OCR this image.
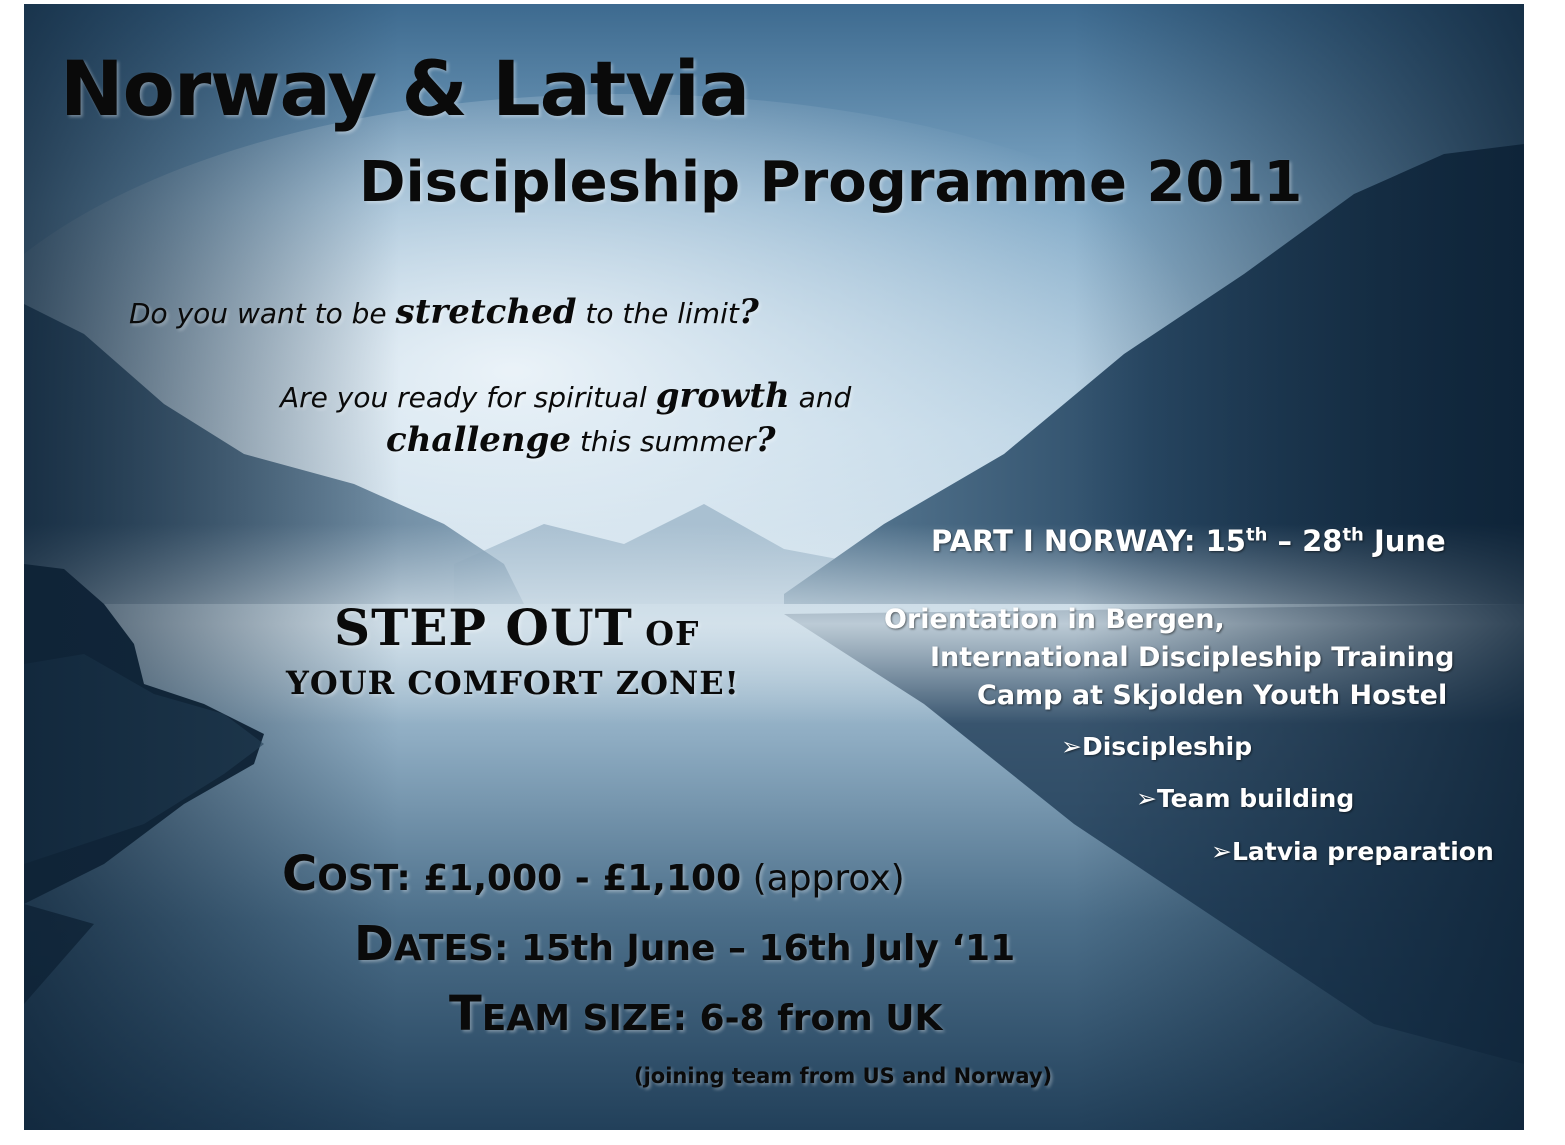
Norway & Latvia
Discipleship Programme 2011
Do you want to be stretched to the limit?
Are you ready for spiritual growth and
challenge this summer?
STEP OUT OF
YOUR COMFORT ZONE!
PART I NORWAY: 15th – 28th June
Orientation in Bergen,
International Discipleship Training
Camp at Skjolden Youth Hostel
➢Discipleship
➢Team building
➢Latvia preparation
COST: £1,000 - £1,100 (approx)
DATES: 15th June – 16th July ‘11
TEAM SIZE: 6-8 from UK
(joining team from US and Norway)
